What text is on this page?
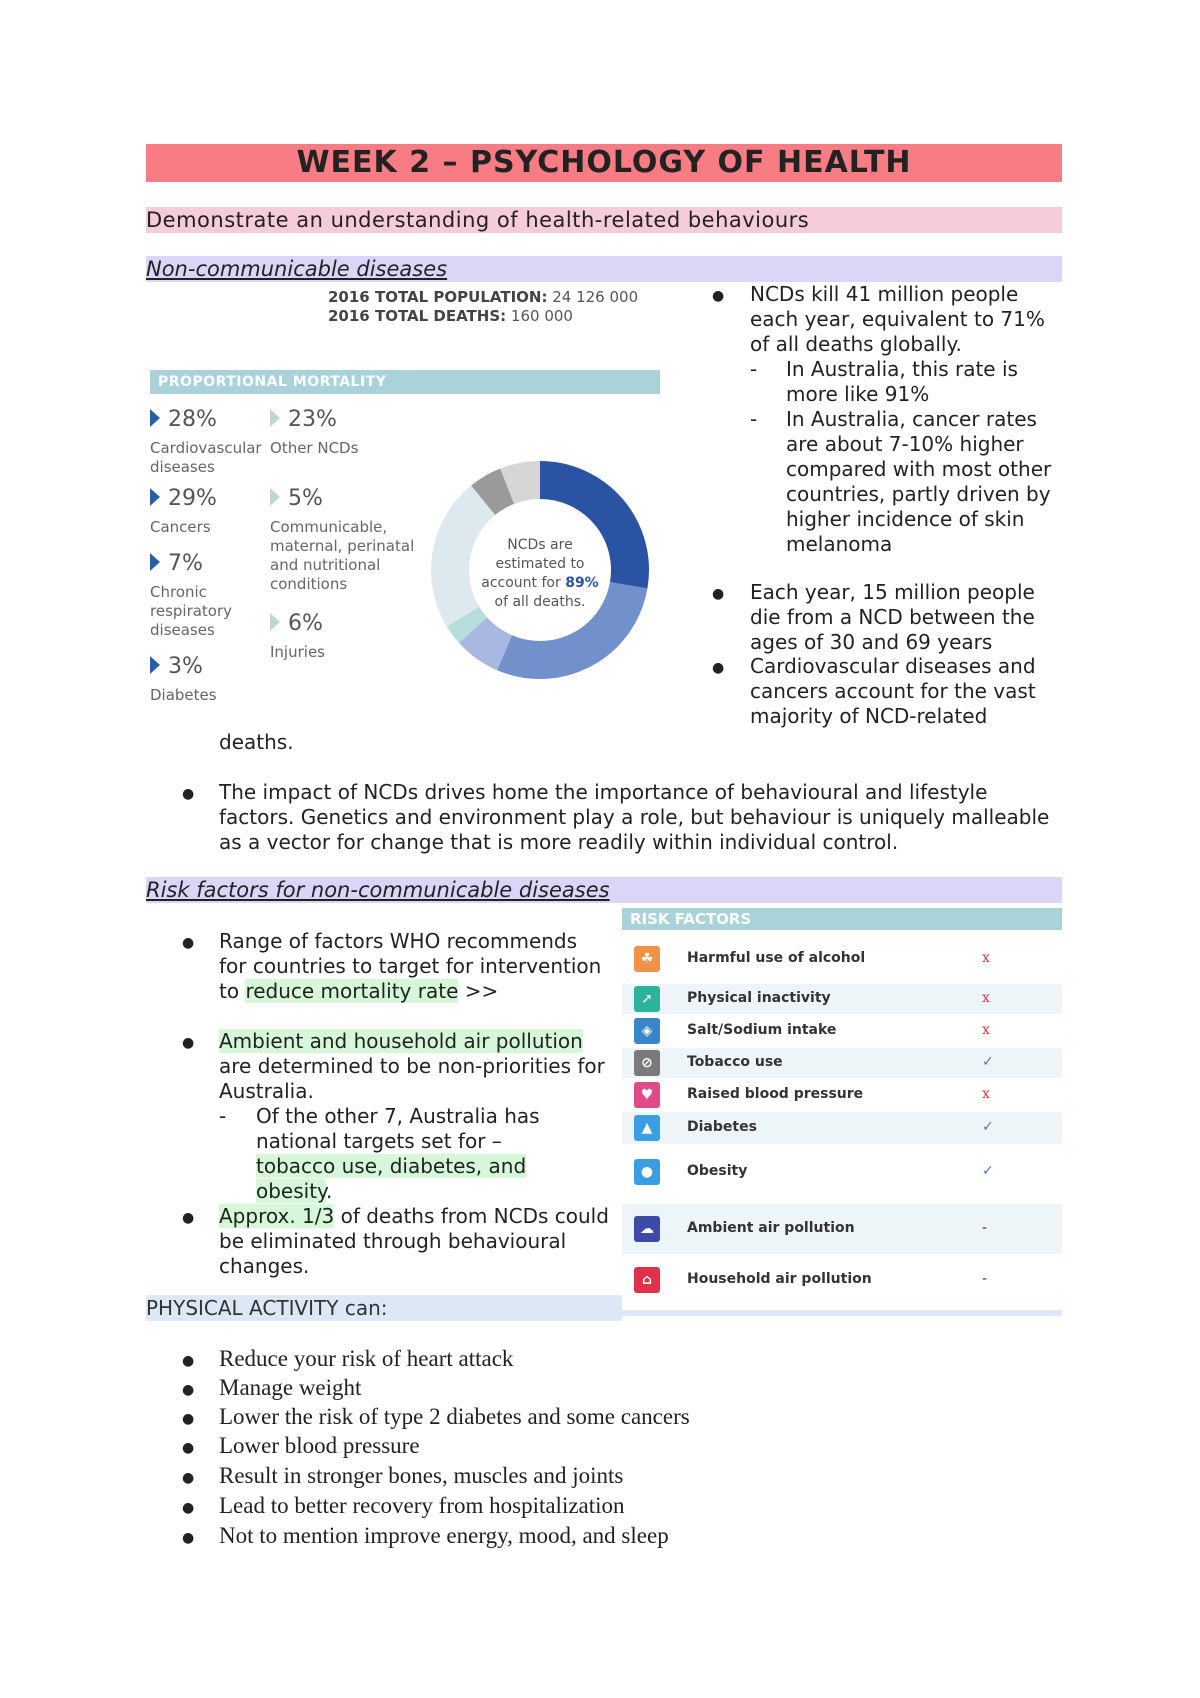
WEEK 2 – PSYCHOLOGY OF HEALTH
Demonstrate an understanding of health-related behaviours
Non-communicable diseases
2016 TOTAL POPULATION: 24 126 000
2016 TOTAL DEATHS: 160 000
PROPORTIONAL MORTALITY
28%
Cardiovascular
diseases
29%
Cancers
7%
Chronic
respiratory
diseases
3%
Diabetes
23%
Other NCDs
5%
Communicable,
maternal, perinatal
and nutritional
conditions
6%
Injuries
NCDs are
estimated to
account for 89%
of all deaths.
● NCDs kill 41 million people each year, equivalent to 71% of all deaths globally.
- In Australia, this rate is more like 91%
- In Australia, cancer rates are about 7-10% higher compared with most other countries, partly driven by higher incidence of skin melanoma
● Each year, 15 million people die from a NCD between the ages of 30 and 69 years
● Cardiovascular diseases and cancers account for the vast majority of NCD-related
deaths.
● The impact of NCDs drives home the importance of behavioural and lifestyle factors. Genetics and environment play a role, but behaviour is uniquely malleable as a vector for change that is more readily within individual control.
Risk factors for non-communicable diseases
● Range of factors WHO recommends for countries to target for intervention to reduce mortality rate >>
● Ambient and household air pollution are determined to be non-priorities for Australia.
- Of the other 7, Australia has national targets set for – tobacco use, diabetes, and obesity.
● Approx. 1/3 of deaths from NCDs could be eliminated through behavioural changes.
RISK FACTORS
☘	Harmful use of alcohol	x
➚	Physical inactivity	x
◈	Salt/Sodium intake	x
⊘	Tobacco use	✓
♥	Raised blood pressure	x
▲	Diabetes	✓
●	Obesity	✓
☁	Ambient air pollution	-
⌂	Household air pollution	-
PHYSICAL ACTIVITY can:
● Reduce your risk of heart attack
● Manage weight
● Lower the risk of type 2 diabetes and some cancers
● Lower blood pressure
● Result in stronger bones, muscles and joints
● Lead to better recovery from hospitalization
● Not to mention improve energy, mood, and sleep
